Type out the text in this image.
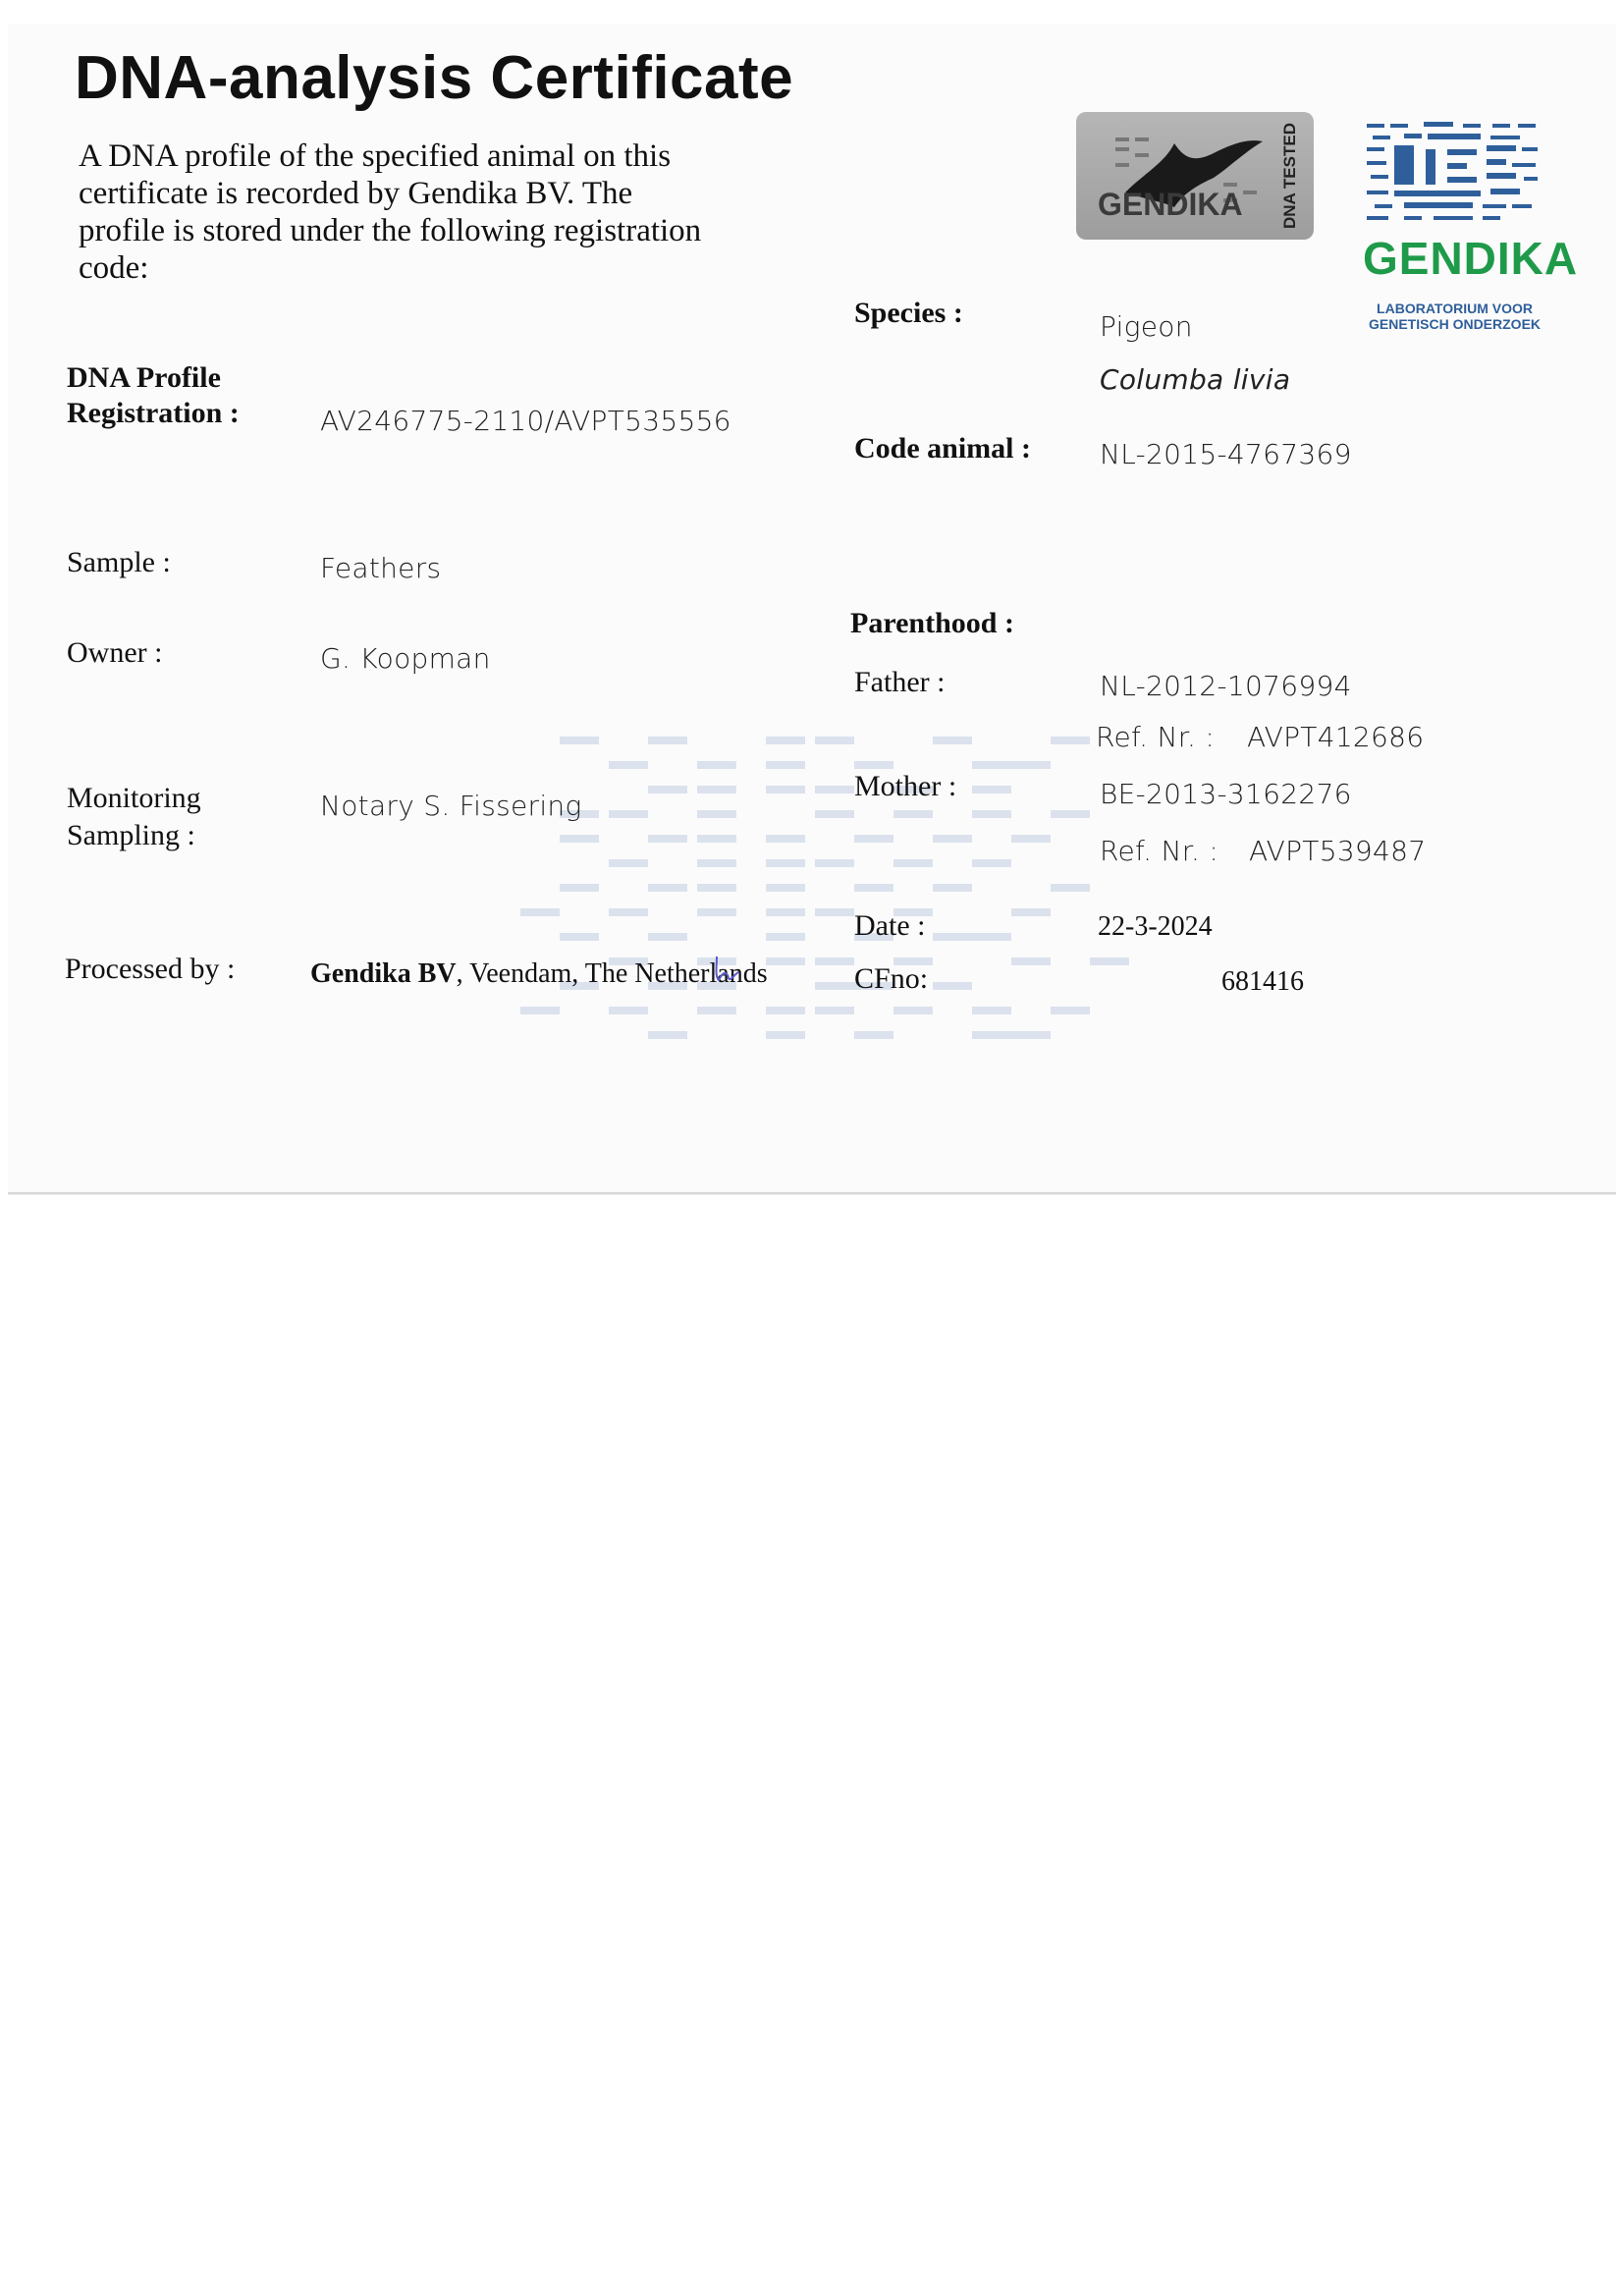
DNA-analysis Certificate
A DNA profile of the specified animal on this certificate is recorded by Gendika BV. The profile is stored under the following registration code:
DNA Profile
Registration :	AV246775-2110/AVPT535556
Sample :	Feathers
Owner :	G. Koopman
Monitoring
Sampling :
Notary S. Fissering
Processed by :	Gendika BV, Veendam, The Netherlands
Species :	Pigeon
Columba livia
Code animal :	NL-2015-4767369
Parenthood :
Father :	NL-2012-1076994
Ref. Nr. : AVPT412686
Mother :	BE-2013-3162276
Ref. Nr. : AVPT539487
Date :	22-3-2024
CFno:	681416
GENDIKA DNA TESTED
GENDIKA
LABORATORIUM VOOR
GENETISCH ONDERZOEK
